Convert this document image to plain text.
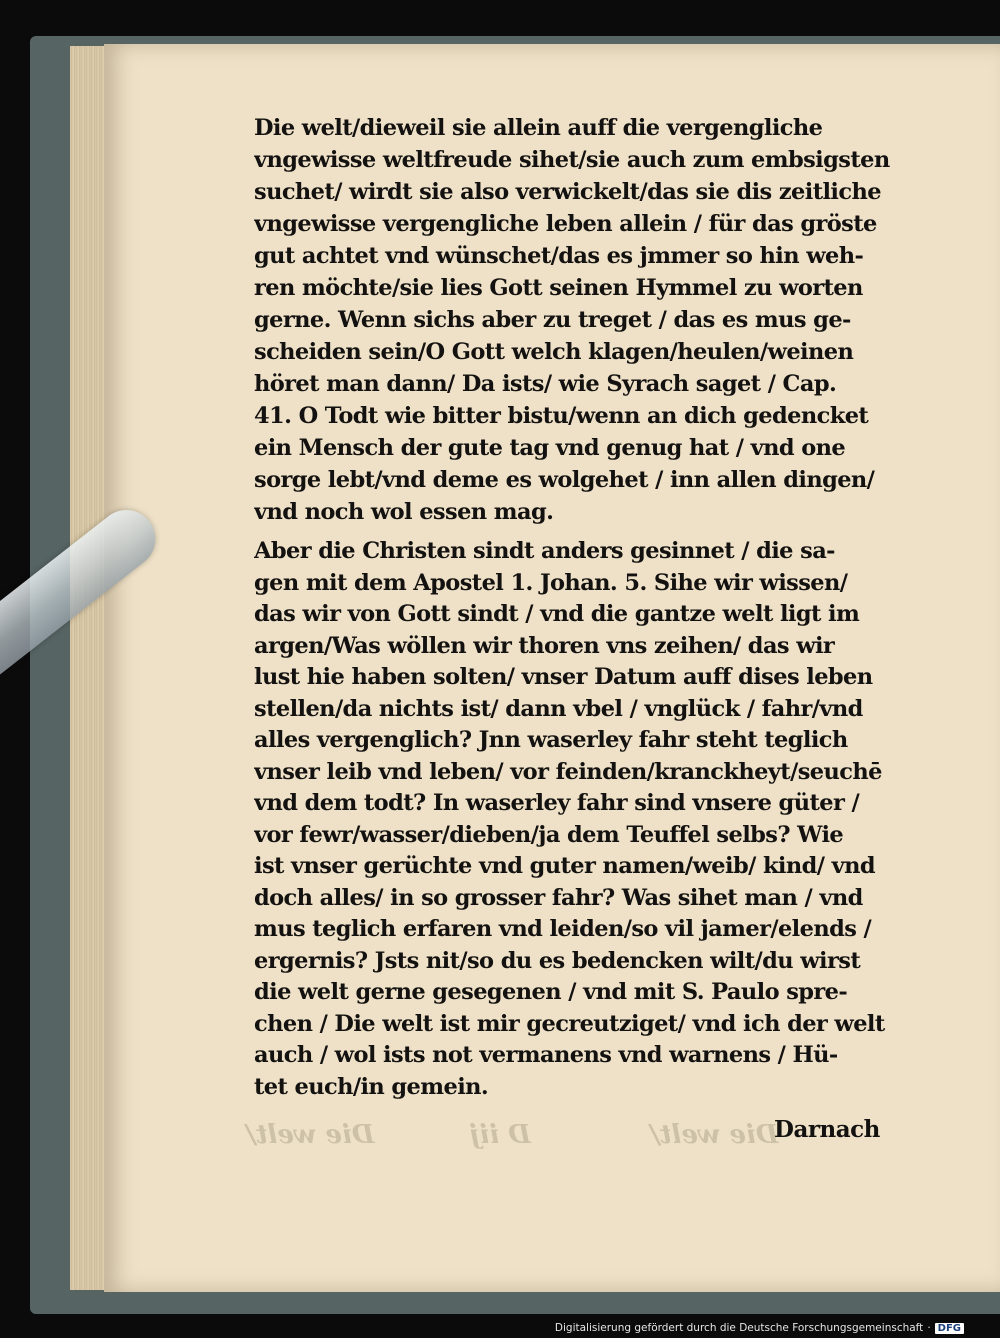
Die welt/dieweil sie allein auff die vergengliche
vngewisse weltfreude sihet/sie auch zum embsigsten
suchet/ wirdt sie also verwickelt/das sie dis zeitliche
vngewisse vergengliche leben allein / für das gröste
gut achtet vnd wünschet/das es jmmer so hin weh-
ren möchte/sie lies Gott seinen Hymmel zu worten
gerne. Wenn sichs aber zu treget / das es mus ge-
scheiden sein/O Gott welch klagen/heulen/weinen
höret man dann/ Da ists/ wie Syrach saget / Cap.
41. O Todt wie bitter bistu/wenn an dich gedencket
ein Mensch der gute tag vnd genug hat / vnd one
sorge lebt/vnd deme es wolgehet / inn allen dingen/
vnd noch wol essen mag.
Aber die Christen sindt anders gesinnet / die sa-
gen mit dem Apostel 1. Johan. 5. Sihe wir wissen/
das wir von Gott sindt / vnd die gantze welt ligt im
argen/Was wöllen wir thoren vns zeihen/ das wir
lust hie haben solten/ vnser Datum auff dises leben
stellen/da nichts ist/ dann vbel / vnglück / fahr/vnd
alles vergenglich? Jnn waserley fahr steht teglich
vnser leib vnd leben/ vor feinden/kranckheyt/seuchē
vnd dem todt? In waserley fahr sind vnsere güter /
vor fewr/wasser/dieben/ja dem Teuffel selbs? Wie
ist vnser gerüchte vnd guter namen/weib/ kind/ vnd
doch alles/ in so grosser fahr? Was sihet man / vnd
mus teglich erfaren vnd leiden/so vil jamer/elends /
ergernis? Jsts nit/so du es bedencken wilt/du wirst
die welt gerne gesegenen / vnd mit S. Paulo spre-
chen / Die welt ist mir gecreutziget/ vnd ich der welt
auch / wol ists not vermanens vnd warnens / Hü-
tet euch/in gemein.
Die welt/	D iij	Die welt/
Darnach
Digitalisierung gefördert durch die Deutsche Forschungsgemeinschaft · DFG
